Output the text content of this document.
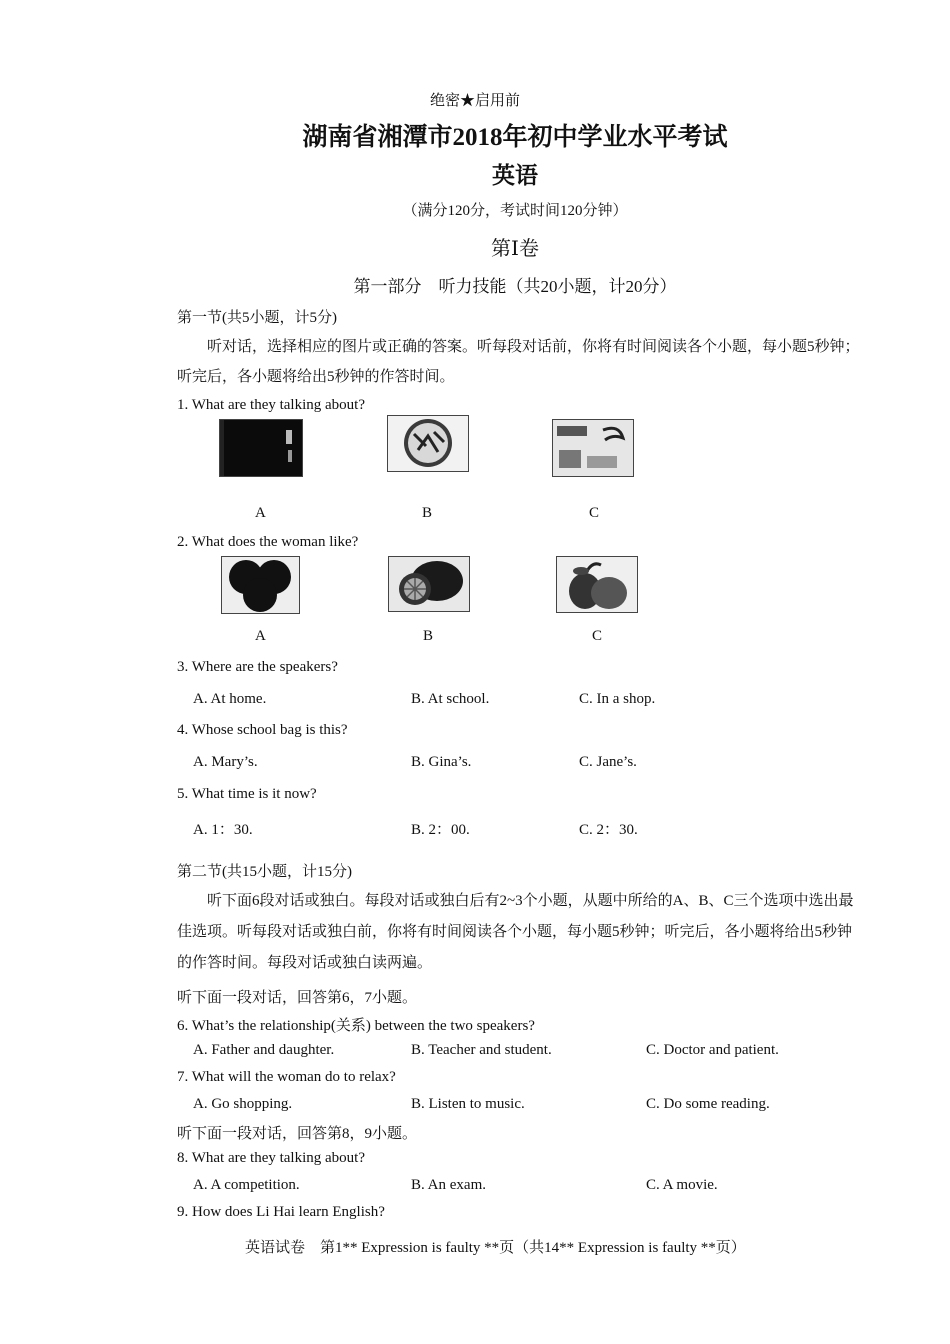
绝密★启用前
湖南省湘潭市2018年初中学业水平考试
英语
（满分120分，考试时间120分钟）
第Ⅰ卷
第一部分　听力技能（共20小题，计20分）
第一节(共5小题，计5分)
听对话，选择相应的图片或正确的答案。听每段对话前，你将有时间阅读各个小题，每小题5秒钟；听完后，各小题将给出5秒钟的作答时间。
1. What are they talking about?
A	B	C
2. What does the woman like?
A	B	C
3. Where are the speakers?
A. At home.	B. At school.	C. In a shop.
4. Whose school bag is this?
A. Mary’s.	B. Gina’s.	C. Jane’s.
5. What time is it now?
A. 1：30.	B. 2：00.	C. 2：30.
第二节(共15小题，计15分)
听下面6段对话或独白。每段对话或独白后有2~3个小题，从题中所给的A、B、C三个选项中选出最佳选项。听每段对话或独白前，你将有时间阅读各个小题，每小题5秒钟；听完后，各小题将给出5秒钟的作答时间。每段对话或独白读两遍。
听下面一段对话，回答第6，7小题。
6. What’s the relationship(关系) between the two speakers?
A. Father and daughter.	B. Teacher and student.	C. Doctor and patient.
7. What will the woman do to relax?
A. Go shopping.	B. Listen to music.	C. Do some reading.
听下面一段对话，回答第8，9小题。
8. What are they talking about?
A. A competition.	B. An exam.	C. A movie.
9. How does Li Hai learn English?
英语试卷　第1** Expression is faulty **页（共14** Expression is faulty **页）
